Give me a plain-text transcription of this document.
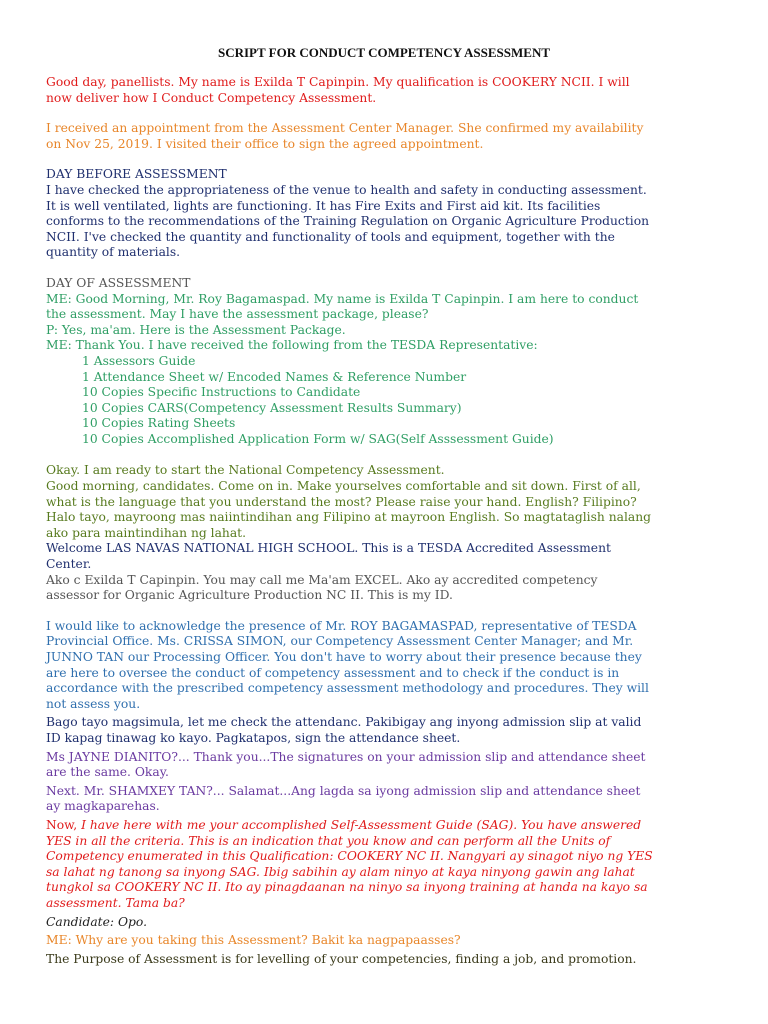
SCRIPT FOR CONDUCT COMPETENCY ASSESSMENT

Good day, panellists. My name is Exilda T Capinpin. My qualification is COOKERY NCII. I will
now deliver how I Conduct Competency Assessment.

I received an appointment from the Assessment Center Manager. She confirmed my availability
on Nov 25, 2019. I visited their office to sign the agreed appointment.

DAY BEFORE ASSESSMENT
I have checked the appropriateness of the venue to health and safety in conducting assessment.
It is well ventilated, lights are functioning. It has Fire Exits and First aid kit. Its facilities
conforms to the recommendations of the Training Regulation on Organic Agriculture Production
NCII. I've checked the quantity and functionality of tools and equipment, together with the
quantity of materials.

DAY OF ASSESSMENT
ME: Good Morning, Mr. Roy Bagamaspad. My name is Exilda T Capinpin. I am here to conduct
the assessment. May I have the assessment package, please?
P: Yes, ma'am. Here is the Assessment Package.
ME: Thank You. I have received the following from the TESDA Representative:
1 Assessors Guide
1 Attendance Sheet w/ Encoded Names & Reference Number
10 Copies Specific Instructions to Candidate
10 Copies CARS(Competency Assessment Results Summary)
10 Copies Rating Sheets
10 Copies Accomplished Application Form w/ SAG(Self Asssessment Guide)

Okay. I am ready to start the National Competency Assessment.
Good morning, candidates. Come on in. Make yourselves comfortable and sit down. First of all,
what is the language that you understand the most? Please raise your hand. English? Filipino?
Halo tayo, mayroong mas naiintindihan ang Filipino at mayroon English. So magtataglish nalang
ako para maintindihan ng lahat.
Welcome LAS NAVAS NATIONAL HIGH SCHOOL. This is a TESDA Accredited Assessment
Center.
Ako c Exilda T Capinpin. You may call me Ma'am EXCEL. Ako ay accredited competency
assessor for Organic Agriculture Production NC II. This is my ID.

I would like to acknowledge the presence of Mr. ROY BAGAMASPAD, representative of TESDA
Provincial Office. Ms. CRISSA SIMON, our Competency Assessment Center Manager; and Mr.
JUNNO TAN our Processing Officer. You don't have to worry about their presence because they
are here to oversee the conduct of competency assessment and to check if the conduct is in
accordance with the prescribed competency assessment methodology and procedures. They will
not assess you.

Bago tayo magsimula, let me check the attendanc. Pakibigay ang inyong admission slip at valid
ID kapag tinawag ko kayo. Pagkatapos, sign the attendance sheet.

Ms JAYNE DIANITO?... Thank you...The signatures on your admission slip and attendance sheet
are the same. Okay.

Next. Mr. SHAMXEY TAN?... Salamat...Ang lagda sa iyong admission slip and attendance sheet
ay magkaparehas.

Now, I have here with me your accomplished Self-Assessment Guide (SAG). You have answered
YES in all the criteria. This is an indication that you know and can perform all the Units of
Competency enumerated in this Qualification: COOKERY NC II. Nangyari ay sinagot niyo ng YES
sa lahat ng tanong sa inyong SAG. Ibig sabihin ay alam ninyo at kaya ninyong gawin ang lahat
tungkol sa COOKERY NC II. Ito ay pinagdaanan na ninyo sa inyong training at handa na kayo sa
assessment. Tama ba?

Candidate: Opo.

ME: Why are you taking this Assessment? Bakit ka nagpapaasses?

The Purpose of Assessment is for levelling of your competencies, finding a job, and promotion.
